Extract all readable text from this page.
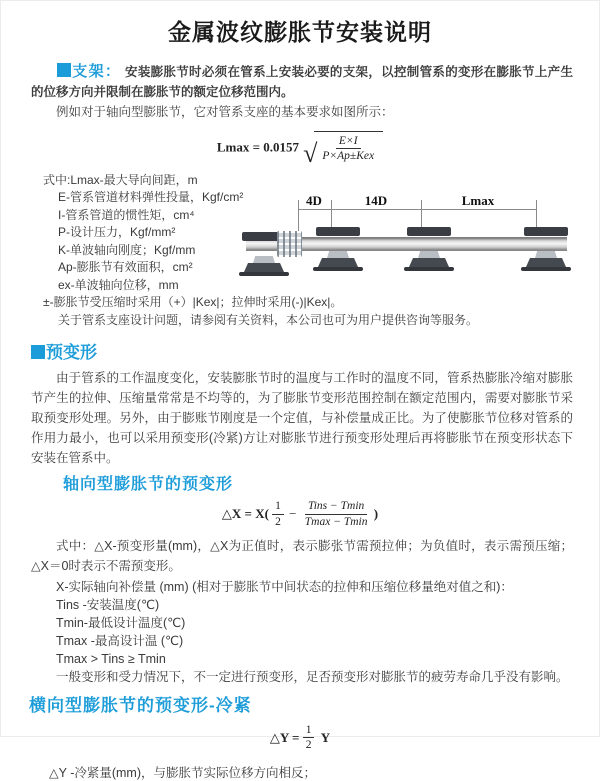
金属波纹膨胀节安装说明

支架： 安装膨胀节时必须在管系上安装必要的支架，以控制管系的变形在膨胀节上产生的位移方向并限制在膨胀节的额定位移范围内。

例如对于轴向型膨胀节，它对管系支座的基本要求如图所示：

Lmax = 0.0157 √ $\frac{E\times I}{\text{P×Ap±Kex}}$
式中:Lmax-最大导向间距，m
E-管系管道材料弹性投量，Kgf/cm²
I-管系管道的惯性矩，cm⁴
P-设计压力，Kgf/mm²
K-单波轴向刚度；Kgf/mm
Ap-膨胀节有效面积，cm²
ex-单波轴向位移，mm
±-膨胀节受压缩时采用（+）|Kex|；拉伸时采用(-)|Kex|。
关于管系支座设计问题，请参阅有关资料，本公司也可为用户提供咨询等服务。
4D	14D	Lmax
预变形

由于管系的工作温度变化，安装膨胀节时的温度与工作时的温度不同，管系热膨胀冷缩对膨胀节产生的拉伸、压缩量常常是不均等的，为了膨胀节变形范围控制在额定范围内，需要对膨胀节采取预变形处理。另外，由于膨账节刚度是一个定值，与补偿量成正比。为了使膨胀节位移对管系的作用力最小，也可以采用预变形(冷紧)方让对膨胀节进行预变形处理后再将膨胀节在预变形状态下安装在管系中。

轴向型膨胀节的预变形
△X = $X( \frac{1}{2} - \frac{\text{Tins − Tmin}}{Tmax - Tmin}$ )

式中：△X-预变形量(mm)，△X为正值时，表示膨张节需预拉伸；为负值时，表示需预压缩；△X＝0时表示不需预变形。

X-实际轴向补偿量 (mm) (相对于膨胀节中间状态的拉伸和压缩位移量绝对值之和)：
Tins -安装温度(℃)
Tmin-最低设计温度(℃)
Tmax -最高设计温 (℃)
Tmax > Tins ≥ Tmin

一般变形和受力情况下，不一定进行预变形，足否预变形对膨胀节的疲劳寿命几乎没有影响。

横向型膨胀节的预变形-冷紧
△Y = $\frac{1}{2}$ Y

△Y -冷紧量(mm)，与膨胀节实际位移方向相反；
